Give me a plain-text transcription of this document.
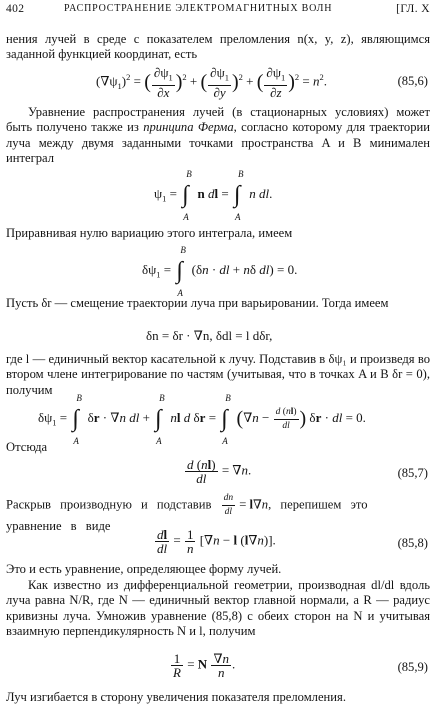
402	РАСПРОСТРАНЕНИЕ ЭЛЕКТРОМАГНИТНЫХ ВОЛН	[ГЛ. X
нения лучей в среде с показателем преломления n(x, y, z), являющимся заданной функцией координат, есть
$(\nabla\psi_1)^2$ = ( $\frac{\partial\psi_1}{\partial x} )^2$ + ( $\frac{\partial\psi_1}{\partial y} )^2$ + ( $\frac{\partial\psi_1}{\partial z} )^2 = n^2$.	(85,6)
Уравнение распространения лучей (в стационарных условиях) может быть получено также из принципа Ферма, согласно которому для траектории луча между двумя заданными точками пространства A и B минимален интеграл
$\psi_1$ =
B
∫
A
n dl =
B
∫
A
n dl.
Приравнивая нулю вариацию этого интеграла, имеем
$\delta\psi_1$ =
B
∫
A
(δn · dl + nδ dl) = 0.
Пусть δr — смещение траектории луча при варьировании. Тогда имеем
δn = δr · ∇n, δdl = l dδr,
где l — единичный вектор касательной к лучу. Подставив в δψ₁ и произведя во втором члене интегрирование по частям (учитывая, что в точках A и B δr = 0), получим
$\delta\psi_1$ =
B
∫
A
δr · ∇n dl +
B
∫
A
nl d δr =
B
∫
A
($\nabla n - \frac{d (nl)}{dl}$ ) δr · dl = 0.
Отсюда
$\frac{d (nl)}{dl} = \nabla n$.	(85,7)
Раскрыв производную и подставив $\frac{dn}{dl} = l\nabla n$, перепишем это уравнение в виде
$\frac{dl}{dl} = \frac{1}{n} [\nabla n - l$ (l∇n)].	(85,8)
Это и есть уравнение, определяющее форму лучей.
Как известно из дифференциальной геометрии, производная dl/dl вдоль луча равна N/R, где N — единичный вектор главной нормали, а R — радиус кривизны луча. Умножив уравнение (85,8) с обеих сторон на N и учитывая взаимную перпендикулярность N и l, получим
$\frac{1}{R} = N \frac{\nabla n}{n}$ .	(85,9)
Луч изгибается в сторону увеличения показателя преломления.
